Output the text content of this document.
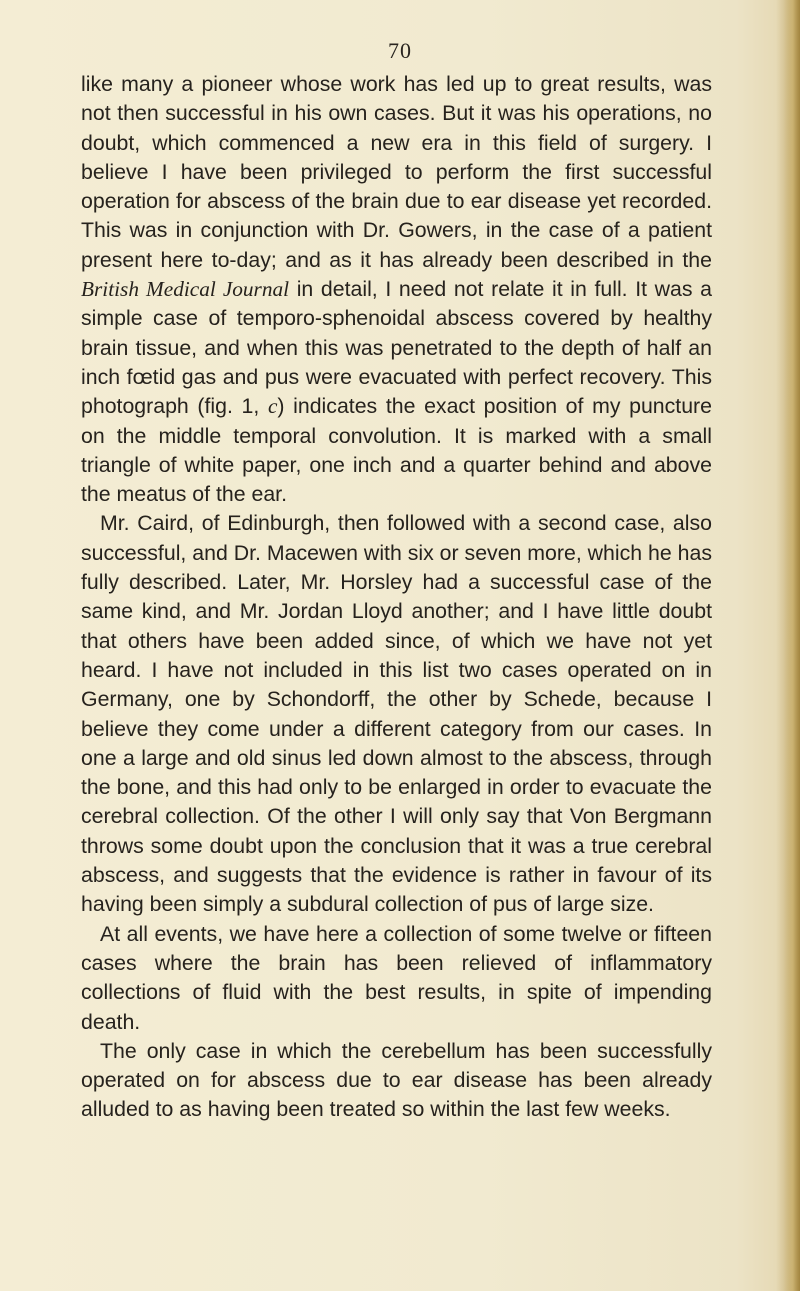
70

like many a pioneer whose work has led up to great results, was not then successful in his own cases. But it was his operations, no doubt, which commenced a new era in this field of surgery. I believe I have been privileged to perform the first successful operation for abscess of the brain due to ear disease yet recorded. This was in conjunction with Dr. Gowers, in the case of a patient present here to-day; and as it has already been described in the British Medical Journal in detail, I need not relate it in full. It was a simple case of temporo-sphenoidal abscess covered by healthy brain tissue, and when this was penetrated to the depth of half an inch fœtid gas and pus were evacuated with perfect recovery. This photograph (fig. 1, c) indicates the exact position of my puncture on the middle temporal convolution. It is marked with a small triangle of white paper, one inch and a quarter behind and above the meatus of the ear.

Mr. Caird, of Edinburgh, then followed with a second case, also successful, and Dr. Macewen with six or seven more, which he has fully described. Later, Mr. Horsley had a successful case of the same kind, and Mr. Jordan Lloyd another; and I have little doubt that others have been added since, of which we have not yet heard. I have not included in this list two cases operated on in Germany, one by Schondorff, the other by Schede, because I believe they come under a different category from our cases. In one a large and old sinus led down almost to the abscess, through the bone, and this had only to be enlarged in order to evacuate the cerebral collection. Of the other I will only say that Von Bergmann throws some doubt upon the conclusion that it was a true cerebral abscess, and suggests that the evidence is rather in favour of its having been simply a subdural collection of pus of large size.

At all events, we have here a collection of some twelve or fifteen cases where the brain has been relieved of inflammatory collections of fluid with the best results, in spite of impending death.

The only case in which the cerebellum has been successfully operated on for abscess due to ear disease has been already alluded to as having been treated so within the last few weeks.
